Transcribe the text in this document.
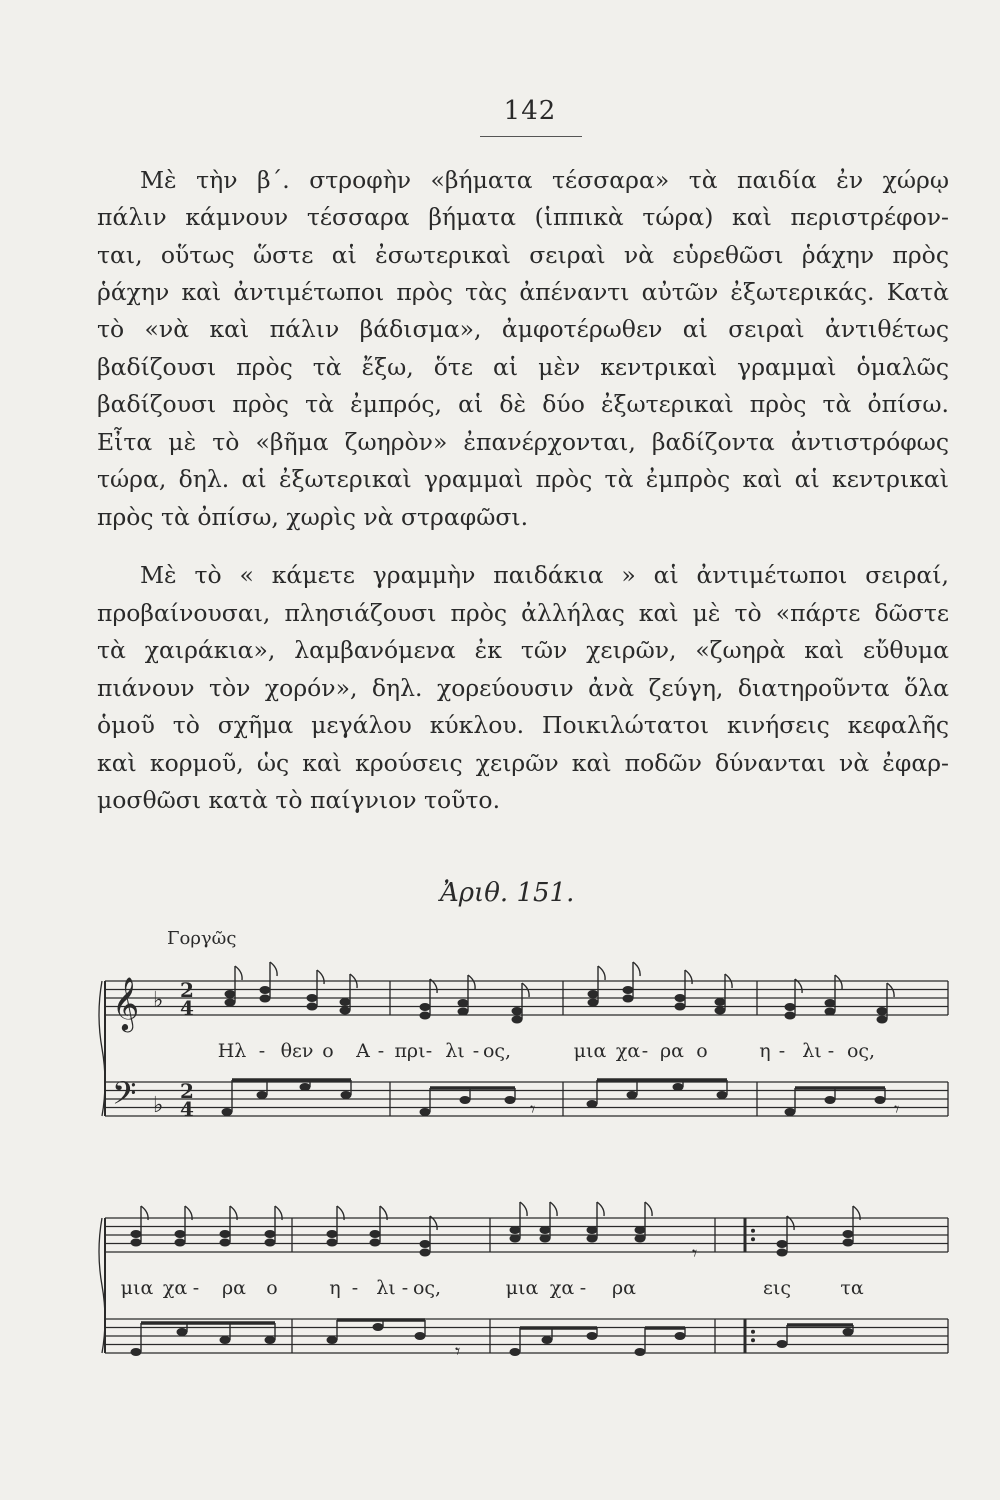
142
Μὲ τὴν β΄. στροφὴν «βήματα τέσσαρα» τὰ παιδία ἐν χώρῳ
πάλιν κάμνουν τέσσαρα βήματα (ἱππικὰ τώρα) καὶ περιστρέφον-
ται, οὕτως ὥστε αἱ ἐσωτερικαὶ σειραὶ νὰ εὑρεθῶσι ῥάχην πρὸς
ῥάχην καὶ ἀντιμέτωποι πρὸς τὰς ἀπέναντι αὐτῶν ἐξωτερικάς. Κατὰ
τὸ «νὰ καὶ πάλιν βάδισμα», ἀμφοτέρωθεν αἱ σειραὶ ἀντιθέτως
βαδίζουσι πρὸς τὰ ἔξω, ὅτε αἱ μὲν κεντρικαὶ γραμμαὶ ὁμαλῶς
βαδίζουσι πρὸς τὰ ἐμπρός, αἱ δὲ δύο ἐξωτερικαὶ πρὸς τὰ ὀπίσω.
Εἶτα μὲ τὸ «βῆμα ζωηρὸν» ἐπανέρχονται, βαδίζοντα ἀντιστρόφως
τώρα, δηλ. αἱ ἐξωτερικαὶ γραμμαὶ πρὸς τὰ ἐμπρὸς καὶ αἱ κεντρικαὶ
πρὸς τὰ ὀπίσω, χωρὶς νὰ στραφῶσι.
Μὲ τὸ « κάμετε γραμμὴν παιδάκια » αἱ ἀντιμέτωποι σειραί,
προβαίνουσαι, πλησιάζουσι πρὸς ἀλλήλας καὶ μὲ τὸ «πάρτε δῶστε
τὰ χαιράκια», λαμβανόμενα ἐκ τῶν χειρῶν, «ζωηρὰ καὶ εὔθυμα
πιάνουν τὸν χορόν», δηλ. χορεύουσιν ἀνὰ ζεύγη, διατηροῦντα ὅλα
ὁμοῦ τὸ σχῆμα μεγάλου κύκλου. Ποικιλώτατοι κινήσεις κεφαλῆς
καὶ κορμοῦ, ὡς καὶ κρούσεις χειρῶν καὶ ποδῶν δύνανται νὰ ἐφαρ-
μοσθῶσι κατὰ τὸ παίγνιον τοῦτο.
Ἀριθ. 151.
Γοργῶς
𝄞
𝄢
♭
♭
2
4
2
4	𝄾	𝄾
𝄾
𝄾
Ηλ - θεν ο Α - πρι - λι - ος,	μια χα - ρα ο	η - λι - ος,
μια χα - ρα ο	η - λι - ος,	μια χα - ρα	εις	τα
